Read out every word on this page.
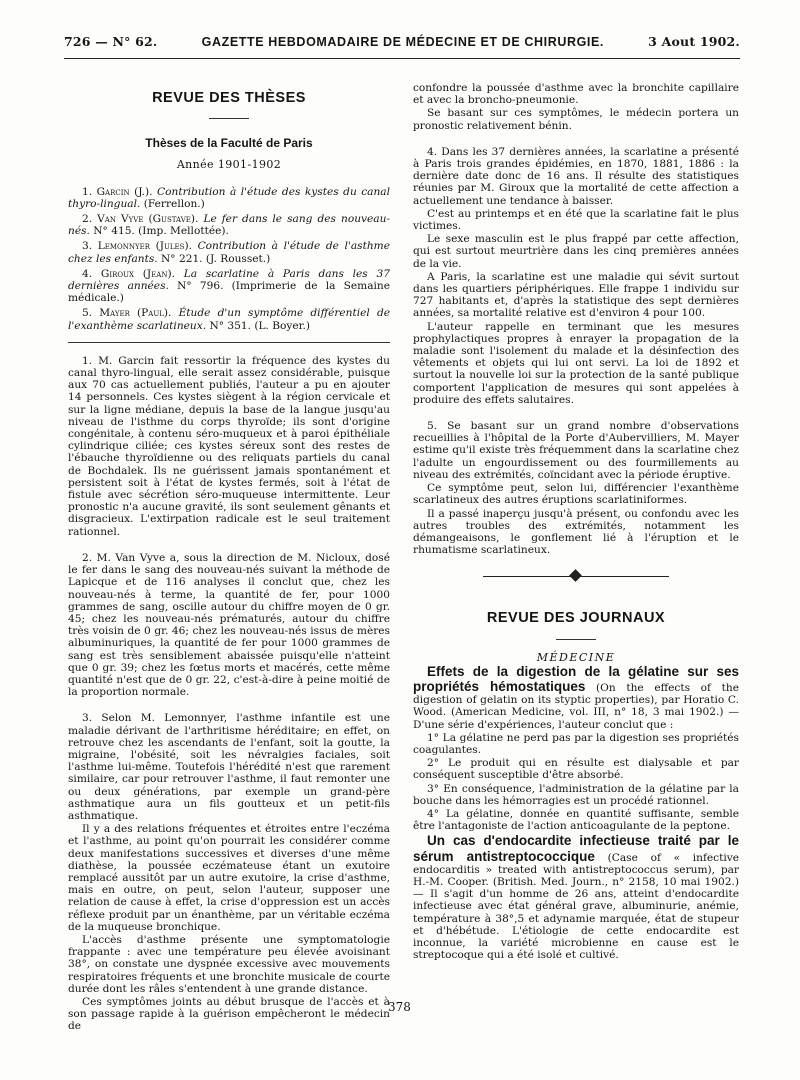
726 — N° 62.	GAZETTE HEBDOMADAIRE DE MÉDECINE ET DE CHIRURGIE.	3 Aout 1902.
REVUE DES THÈSES
Thèses de la Faculté de Paris
Année 1901-1902

1. Garcin (J.). Contribution à l'étude des kystes du canal thyro-lingual. (Ferrellon.)

2. Van Vyve (Gustave). Le fer dans le sang des nouveau-nés. N° 415. (Imp. Mellottée).

3. Lemonnyer (Jules). Contribution à l'étude de l'asthme chez les enfants. N° 221. (J. Rousset.)

4. Giroux (Jean). La scarlatine à Paris dans les 37 dernières années. N° 796. (Imprimerie de la Semaine médicale.)

5. Mayer (Paul). Étude d'un symptôme différentiel de l'exanthème scarlatineux. N° 351. (L. Boyer.)

1. M. Garcin fait ressortir la fréquence des kystes du canal thyro-lingual, elle serait assez considérable, puisque aux 70 cas actuellement publiés, l'auteur a pu en ajouter 14 personnels. Ces kystes siègent à la région cervicale et sur la ligne médiane, depuis la base de la langue jusqu'au niveau de l'isthme du corps thyroïde; ils sont d'origine congénitale, à contenu séro-muqueux et à paroi épithéliale cylindrique ciliée; ces kystes séreux sont des restes de l'ébauche thyroïdienne ou des reliquats partiels du canal de Bochdalek. Ils ne guérissent jamais spontanément et persistent soit à l'état de kystes fermés, soit à l'état de fistule avec sécrétion séro-muqueuse intermittente. Leur pronostic n'a aucune gravité, ils sont seulement gênants et disgracieux. L'extirpation radicale est le seul traitement rationnel.

2. M. Van Vyve a, sous la direction de M. Nicloux, dosé le fer dans le sang des nouveau-nés suivant la méthode de Lapicque et de 116 analyses il conclut que, chez les nouveau-nés à terme, la quantité de fer, pour 1000 grammes de sang, oscille autour du chiffre moyen de 0 gr. 45; chez les nouveau-nés prématurés, autour du chiffre très voisin de 0 gr. 46; chez les nouveau-nés issus de mères albuminuriques, la quantité de fer pour 1000 grammes de sang est très sensiblement abaissée puisqu'elle n'atteint que 0 gr. 39; chez les fœtus morts et macérés, cette même quantité n'est que de 0 gr. 22, c'est-à-dire à peine moitié de la proportion normale.

3. Selon M. Lemonnyer, l'asthme infantile est une maladie dérivant de l'arthritisme héréditaire; en effet, on retrouve chez les ascendants de l'enfant, soit la goutte, la migraine, l'obésité, soit les névralgies faciales, soit l'asthme lui-même. Toutefois l'hérédité n'est que rarement similaire, car pour retrouver l'asthme, il faut remonter une ou deux générations, par exemple un grand-père asthmatique aura un fils goutteux et un petit-fils asthmatique.

Il y a des relations fréquentes et étroites entre l'eczéma et l'asthme, au point qu'on pourrait les considérer comme deux manifestations successives et diverses d'une même diathèse, la poussée eczémateuse étant un exutoire remplacé aussitôt par un autre exutoire, la crise d'asthme, mais en outre, on peut, selon l'auteur, supposer une relation de cause à effet, la crise d'oppression est un accès réflexe produit par un énanthème, par un véritable eczéma de la muqueuse bronchique.

L'accès d'asthme présente une symptomatologie frappante : avec une température peu élevée avoisinant 38°, on constate une dyspnée excessive avec mouvements respiratoires fréquents et une bronchite musicale de courte durée dont les râles s'entendent à une grande distance.

Ces symptômes joints au début brusque de l'accès et à son passage rapide à la guérison empêcheront le médecin de

confondre la poussée d'asthme avec la bronchite capillaire et avec la broncho-pneumonie.

Se basant sur ces symptômes, le médecin portera un pronostic relativement bénin.

4. Dans les 37 dernières années, la scarlatine a présenté à Paris trois grandes épidémies, en 1870, 1881, 1886 : la dernière date donc de 16 ans. Il résulte des statistiques réunies par M. Giroux que la mortalité de cette affection a actuellement une tendance à baisser.

C'est au printemps et en été que la scarlatine fait le plus victimes.

Le sexe masculin est le plus frappé par cette affection, qui est surtout meurtrière dans les cinq premières années de la vie.

A Paris, la scarlatine est une maladie qui sévit surtout dans les quartiers périphériques. Elle frappe 1 individu sur 727 habitants et, d'après la statistique des sept dernières années, sa mortalité relative est d'environ 4 pour 100.

L'auteur rappelle en terminant que les mesures prophylactiques propres à enrayer la propagation de la maladie sont l'isolement du malade et la désinfection des vêtements et objets qui lui ont servi. La loi de 1892 et surtout la nouvelle loi sur la protection de la santé publique comportent l'application de mesures qui sont appelées à produire des effets salutaires.

5. Se basant sur un grand nombre d'observations recueillies à l'hôpital de la Porte d'Aubervilliers, M. Mayer estime qu'il existe très fréquemment dans la scarlatine chez l'adulte un engourdissement ou des fourmillements au niveau des extrémités, coïncidant avec la période éruptive.

Ce symptôme peut, selon lui, différencier l'exanthème scarlatineux des autres éruptions scarlatiniformes.

Il a passé inaperçu jusqu'à présent, ou confondu avec les autres troubles des extrémités, notamment les démangeaisons, le gonflement lié à l'éruption et le rhumatisme scarlatineux.

REVUE DES JOURNAUX
MÉDECINE

Effets de la digestion de la gélatine sur ses propriétés hémostatiques (On the effects of the digestion of gelatin on its styptic properties), par Horatio C. Wood. (American Medicine, vol. III, n° 18, 3 mai 1902.) — D'une série d'expériences, l'auteur conclut que :

1° La gélatine ne perd pas par la digestion ses propriétés coagulantes.

2° Le produit qui en résulte est dialysable et par conséquent susceptible d'être absorbé.

3° En conséquence, l'administration de la gélatine par la bouche dans les hémorragies est un procédé rationnel.

4° La gélatine, donnée en quantité suffisante, semble être l'antagoniste de l'action anticoagulante de la peptone.

Un cas d'endocardite infectieuse traité par le sérum antistreptococcique (Case of « infective endocarditis » treated with antistreptococcus serum), par H.-M. Cooper. (British. Med. Journ., n° 2158, 10 mai 1902.) — Il s'agit d'un homme de 26 ans, atteint d'endocardite infectieuse avec état général grave, albuminurie, anémie, température à 38°,5 et adynamie marquée, état de stupeur et d'hébétude. L'étiologie de cette endocardite est inconnue, la variété microbienne en cause est le streptocoque qui a été isolé et cultivé.

378
